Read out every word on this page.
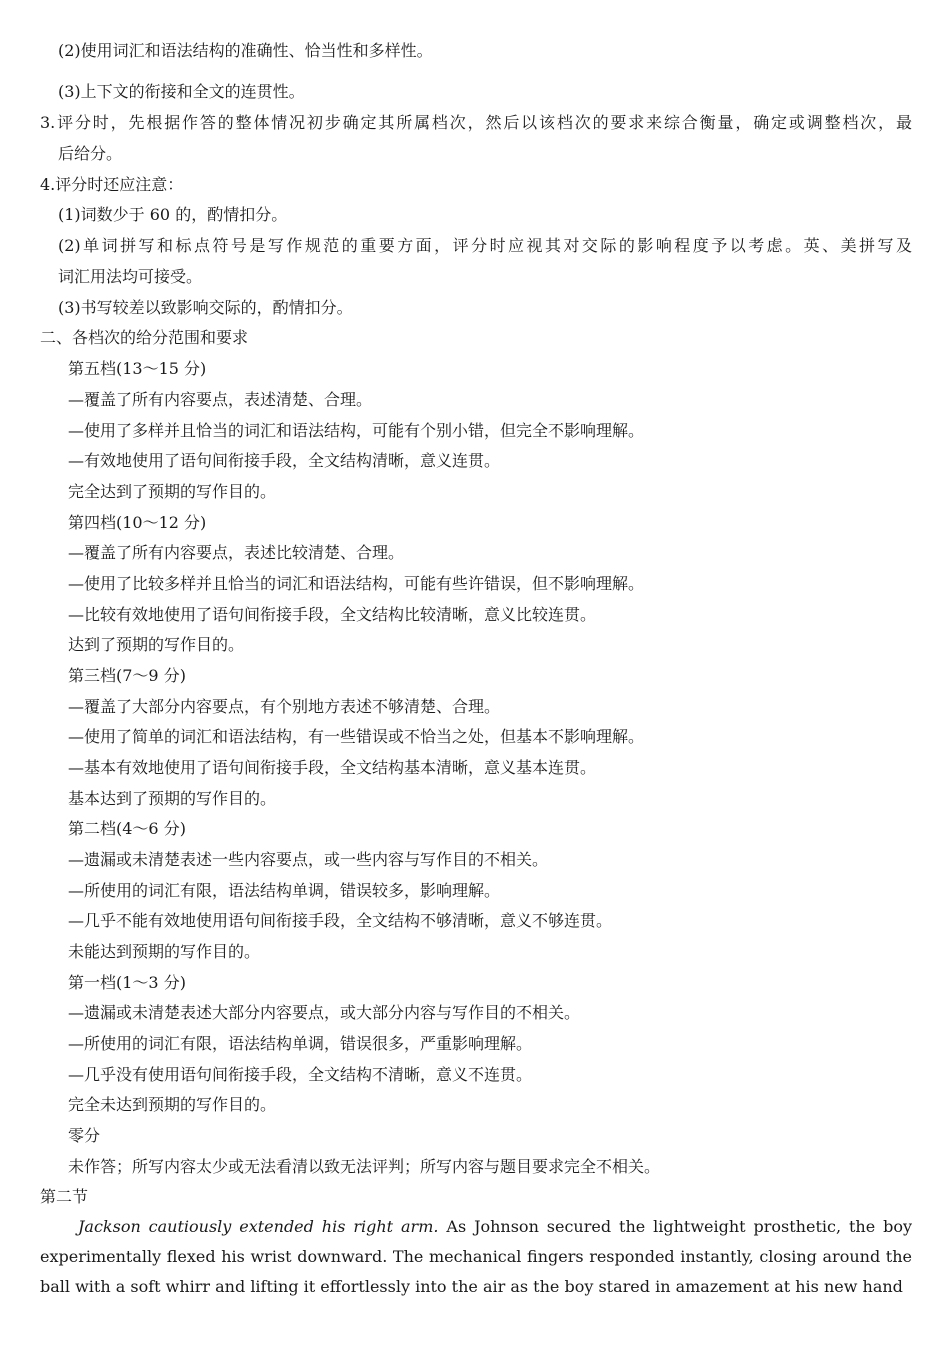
(2)使用词汇和语法结构的准确性、恰当性和多样性。
(3)上下文的衔接和全文的连贯性。
3.评分时，先根据作答的整体情况初步确定其所属档次，然后以该档次的要求来综合衡量，确定或调整档次，最
后给分。
4.评分时还应注意：
(1)词数少于 60 的，酌情扣分。
(2)单词拼写和标点符号是写作规范的重要方面，评分时应视其对交际的影响程度予以考虑。英、美拼写及
词汇用法均可接受。
(3)书写较差以致影响交际的，酌情扣分。
二、各档次的给分范围和要求
第五档(13～15 分)
—覆盖了所有内容要点，表述清楚、合理。
—使用了多样并且恰当的词汇和语法结构，可能有个别小错，但完全不影响理解。
—有效地使用了语句间衔接手段，全文结构清晰，意义连贯。
完全达到了预期的写作目的。
第四档(10～12 分)
—覆盖了所有内容要点，表述比较清楚、合理。
—使用了比较多样并且恰当的词汇和语法结构，可能有些许错误，但不影响理解。
—比较有效地使用了语句间衔接手段，全文结构比较清晰，意义比较连贯。
达到了预期的写作目的。
第三档(7～9 分)
—覆盖了大部分内容要点，有个别地方表述不够清楚、合理。
—使用了简单的词汇和语法结构，有一些错误或不恰当之处，但基本不影响理解。
—基本有效地使用了语句间衔接手段，全文结构基本清晰，意义基本连贯。
基本达到了预期的写作目的。
第二档(4～6 分)
—遗漏或未清楚表述一些内容要点，或一些内容与写作目的不相关。
—所使用的词汇有限，语法结构单调，错误较多，影响理解。
—几乎不能有效地使用语句间衔接手段，全文结构不够清晰，意义不够连贯。
未能达到预期的写作目的。
第一档(1～3 分)
—遗漏或未清楚表述大部分内容要点，或大部分内容与写作目的不相关。
—所使用的词汇有限，语法结构单调，错误很多，严重影响理解。
—几乎没有使用语句间衔接手段，全文结构不清晰，意义不连贯。
完全未达到预期的写作目的。
零分
未作答；所写内容太少或无法看清以致无法评判；所写内容与题目要求完全不相关。
第二节
Jackson cautiously extended his right arm. As Johnson secured the lightweight prosthetic, the boy
experimentally flexed his wrist downward. The mechanical fingers responded instantly, closing around the
ball with a soft whirr and lifting it effortlessly into the air as the boy stared in amazement at his new hand
